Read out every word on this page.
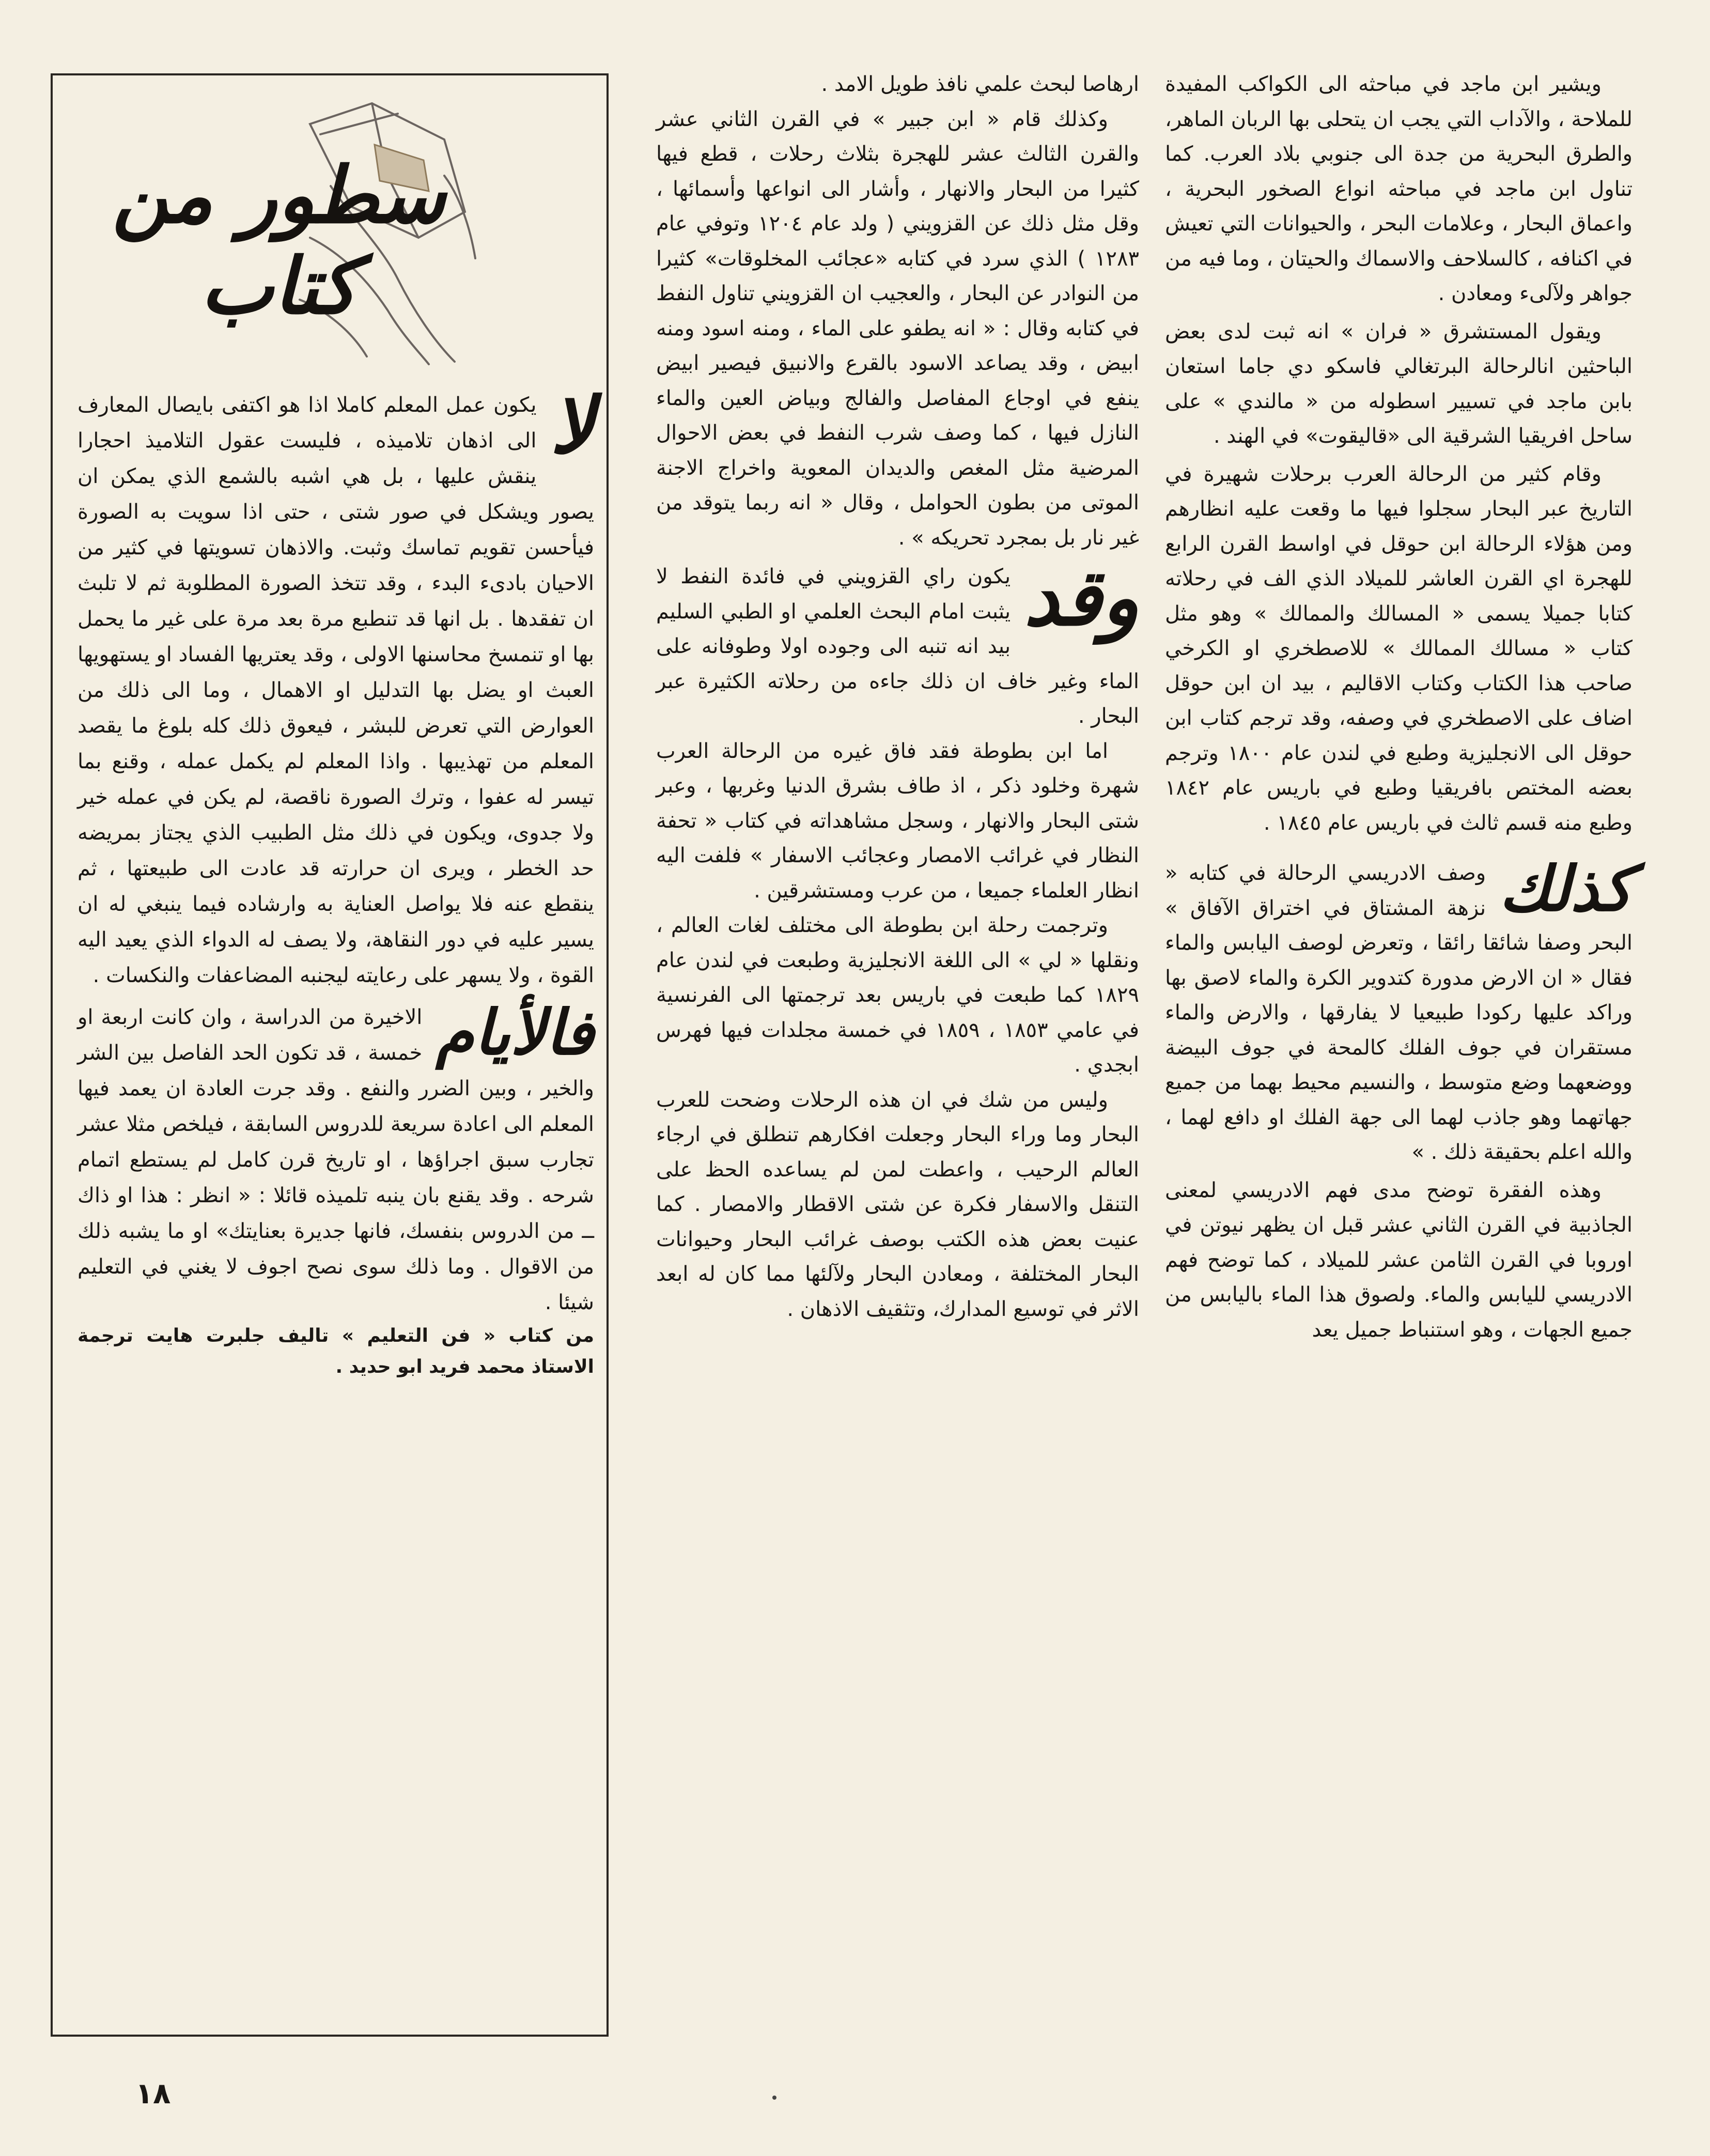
ويشير ابن ماجد في مباحثه الى الكواكب المفيدة للملاحة ، والآداب التي يجب ان يتحلى بها الربان الماهر، والطرق البحرية من جدة الى جنوبي بلاد العرب. كما تناول ابن ماجد في مباحثه انواع الصخور البحرية ، واعماق البحار ، وعلامات البحر ، والحيوانات التي تعيش في اكنافه ، كالسلاحف والاسماك والحيتان ، وما فيه من جواهر ولآلىء ومعادن .

ويقول المستشرق « فران » انه ثبت لدى بعض الباحثين انالرحالة البرتغالي فاسكو دي جاما استعان بابن ماجد في تسيير اسطوله من « مالندي » على ساحل افريقيا الشرقية الى «قاليقوت» في الهند .

وقام كثير من الرحالة العرب برحلات شهيرة في التاريخ عبر البحار سجلوا فيها ما وقعت عليه انظارهم ومن هؤلاء الرحالة ابن حوقل في اواسط القرن الرابع للهجرة اي القرن العاشر للميلاد الذي الف في رحلاته كتابا جميلا يسمى « المسالك والممالك » وهو مثل كتاب « مسالك الممالك » للاصطخري او الكرخي صاحب هذا الكتاب وكتاب الاقاليم ، بيد ان ابن حوقل اضاف على الاصطخري في وصفه، وقد ترجم كتاب ابن حوقل الى الانجليزية وطبع في لندن عام ١٨٠٠ وترجم بعضه المختص بافريقيا وطبع في باريس عام ١٨٤٢ وطبع منه قسم ثالث في باريس عام ١٨٤٥ .

كذلك
وصف الادريسي الرحالة في كتابه « نزهة المشتاق في اختراق الآفاق » البحر وصفا شائقا رائقا ، وتعرض لوصف اليابس والماء فقال « ان الارض مدورة كتدوير الكرة والماء لاصق بها وراكد عليها ركودا طبيعيا لا يفارقها ، والارض والماء مستقران في جوف الفلك كالمحة في جوف البيضة ووضعهما وضع متوسط ، والنسيم محيط بهما من جميع جهاتهما وهو جاذب لهما الى جهة الفلك او دافع لهما ، والله اعلم بحقيقة ذلك . »

وهذه الفقرة توضح مدى فهم الادريسي لمعنى الجاذبية في القرن الثاني عشر قبل ان يظهر نيوتن في اوروبا في القرن الثامن عشر للميلاد ، كما توضح فهم الادريسي لليابس والماء. ولصوق هذا الماء باليابس من جميع الجهات ، وهو استنباط جميل يعد

ارهاصا لبحث علمي نافذ طويل الامد .

وكذلك قام « ابن جبير » في القرن الثاني عشر والقرن الثالث عشر للهجرة بثلاث رحلات ، قطع فيها كثيرا من البحار والانهار ، وأشار الى انواعها وأسمائها ، وقل مثل ذلك عن القزويني ( ولد عام ١٢٠٤ وتوفي عام ١٢٨٣ ) الذي سرد في كتابه «عجائب المخلوقات» كثيرا من النوادر عن البحار ، والعجيب ان القزويني تناول النفط في كتابه وقال : « انه يطفو على الماء ، ومنه اسود ومنه ابيض ، وقد يصاعد الاسود بالقرع والانبيق فيصير ابيض ينفع في اوجاع المفاصل والفالج وبياض العين والماء النازل فيها ، كما وصف شرب النفط في بعض الاحوال المرضية مثل المغص والديدان المعوية واخراج الاجنة الموتى من بطون الحوامل ، وقال « انه ربما يتوقد من غير نار بل بمجرد تحريكه » .

وقد
يكون راي القزويني في فائدة النفط لا يثبت امام البحث العلمي او الطبي السليم بيد انه تنبه الى وجوده اولا وطوفانه على الماء وغير خاف ان ذلك جاءه من رحلاته الكثيرة عبر البحار .

اما ابن بطوطة فقد فاق غيره من الرحالة العرب شهرة وخلود ذكر ، اذ طاف بشرق الدنيا وغربها ، وعبر شتى البحار والانهار ، وسجل مشاهداته في كتاب « تحفة النظار في غرائب الامصار وعجائب الاسفار » فلفت اليه انظار العلماء جميعا ، من عرب ومستشرقين .

وترجمت رحلة ابن بطوطة الى مختلف لغات العالم ، ونقلها « لي » الى اللغة الانجليزية وطبعت في لندن عام ١٨٢٩ كما طبعت في باريس بعد ترجمتها الى الفرنسية في عامي ١٨٥٣ ، ١٨٥٩ في خمسة مجلدات فيها فهرس ابجدي .

وليس من شك في ان هذه الرحلات وضحت للعرب البحار وما وراء البحار وجعلت افكارهم تنطلق في ارجاء العالم الرحيب ، واعطت لمن لم يساعده الحظ على التنقل والاسفار فكرة عن شتى الاقطار والامصار . كما عنيت بعض هذه الكتب بوصف غرائب البحار وحيوانات البحار المختلفة ، ومعادن البحار ولآلئها مما كان له ابعد الاثر في توسيع المدارك، وتثقيف الاذهان .

سطور من كتاب

لا
يكون عمل المعلم كاملا اذا هو اكتفى بايصال المعارف الى اذهان تلاميذه ، فليست عقول التلاميذ احجارا ينقش عليها ، بل هي اشبه بالشمع الذي يمكن ان يصور ويشكل في صور شتى ، حتى اذا سويت به الصورة فيأحسن تقويم تماسك وثبت. والاذهان تسويتها في كثير من الاحيان بادىء البدء ، وقد تتخذ الصورة المطلوبة ثم لا تلبث ان تفقدها . بل انها قد تنطبع مرة بعد مرة على غير ما يحمل بها او تنمسخ محاسنها الاولى ، وقد يعتريها الفساد او يستهويها العبث او يضل بها التدليل او الاهمال ، وما الى ذلك من العوارض التي تعرض للبشر ، فيعوق ذلك كله بلوغ ما يقصد المعلم من تهذيبها . واذا المعلم لم يكمل عمله ، وقنع بما تيسر له عفوا ، وترك الصورة ناقصة، لم يكن في عمله خير ولا جدوى، ويكون في ذلك مثل الطبيب الذي يجتاز بمريضه حد الخطر ، ويرى ان حرارته قد عادت الى طبيعتها ، ثم ينقطع عنه فلا يواصل العناية به وارشاده فيما ينبغي له ان يسير عليه في دور النقاهة، ولا يصف له الدواء الذي يعيد اليه القوة ، ولا يسهر على رعايته ليجنبه المضاعفات والنكسات .

فالأيام
الاخيرة من الدراسة ، وان كانت اربعة او خمسة ، قد تكون الحد الفاصل بين الشر والخير ، وبين الضرر والنفع . وقد جرت العادة ان يعمد فيها المعلم الى اعادة سريعة للدروس السابقة ، فيلخص مثلا عشر تجارب سبق اجراؤها ، او تاريخ قرن كامل لم يستطع اتمام شرحه . وقد يقنع بان ينبه تلميذه قائلا : « انظر : هذا او ذاك ــ من الدروس بنفسك، فانها جديرة بعنايتك» او ما يشبه ذلك من الاقوال . وما ذلك سوى نصح اجوف لا يغني في التعليم شيئا .

من كتاب « فن التعليم » تاليف جلبرت هايت ترجمة الاستاذ محمد فريد ابو حديد .

١٨
